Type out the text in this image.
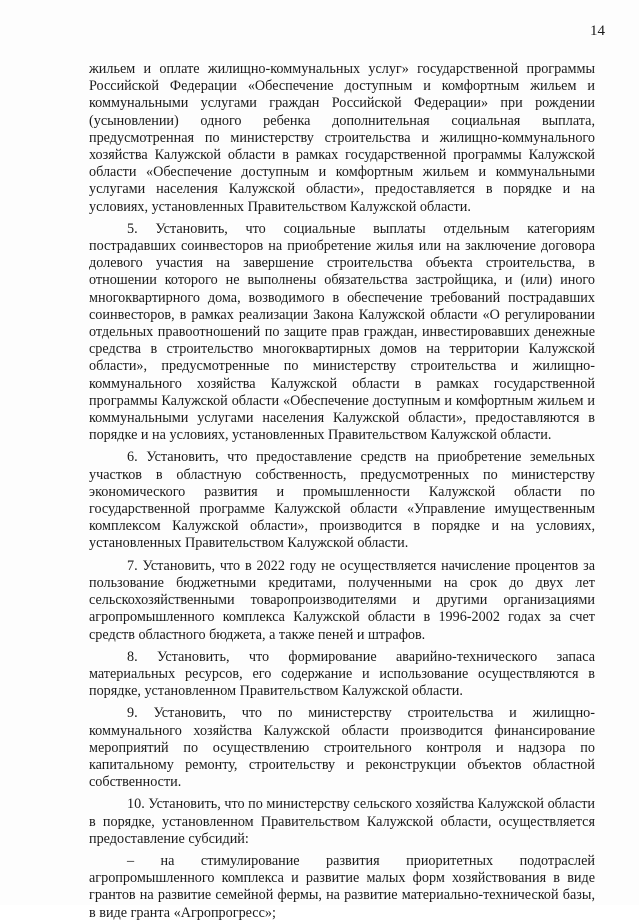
14

жильем и оплате жилищно-коммунальных услуг» государственной программы Российской Федерации «Обеспечение доступным и комфортным жильем и коммунальными услугами граждан Российской Федерации» при рождении (усыновлении) одного ребенка дополнительная социальная выплата, предусмотренная по министерству строительства и жилищно-коммунального хозяйства Калужской области в рамках государственной программы Калужской области «Обеспечение доступным и комфортным жильем и коммунальными услугами населения Калужской области», предоставляется в порядке и на условиях, установленных Правительством Калужской области.

5. Установить, что социальные выплаты отдельным категориям пострадавших соинвесторов на приобретение жилья или на заключение договора долевого участия на завершение строительства объекта строительства, в отношении которого не выполнены обязательства застройщика, и (или) иного многоквартирного дома, возводимого в обеспечение требований пострадавших соинвесторов, в рамках реализации Закона Калужской области «О регулировании отдельных правоотношений по защите прав граждан, инвестировавших денежные средства в строительство многоквартирных домов на территории Калужской области», предусмотренные по министерству строительства и жилищно-коммунального хозяйства Калужской области в рамках государственной программы Калужской области «Обеспечение доступным и комфортным жильем и коммунальными услугами населения Калужской области», предоставляются в порядке и на условиях, установленных Правительством Калужской области.

6. Установить, что предоставление средств на приобретение земельных участков в областную собственность, предусмотренных по министерству экономического развития и промышленности Калужской области по государственной программе Калужской области «Управление имущественным комплексом Калужской области», производится в порядке и на условиях, установленных Правительством Калужской области.

7. Установить, что в 2022 году не осуществляется начисление процентов за пользование бюджетными кредитами, полученными на срок до двух лет сельскохозяйственными товаропроизводителями и другими организациями агропромышленного комплекса Калужской области в 1996-2002 годах за счет средств областного бюджета, а также пеней и штрафов.

8. Установить, что формирование аварийно-технического запаса материальных ресурсов, его содержание и использование осуществляются в порядке, установленном Правительством Калужской области.

9. Установить, что по министерству строительства и жилищно-коммунального хозяйства Калужской области производится финансирование мероприятий по осуществлению строительного контроля и надзора по капитальному ремонту, строительству и реконструкции объектов областной собственности.

10. Установить, что по министерству сельского хозяйства Калужской области в порядке, установленном Правительством Калужской области, осуществляется предоставление субсидий:

– на стимулирование развития приоритетных подотраслей агропромышленного комплекса и развитие малых форм хозяйствования в виде грантов на развитие семейной фермы, на развитие материально-технической базы, в виде гранта «Агропрогресс»;
